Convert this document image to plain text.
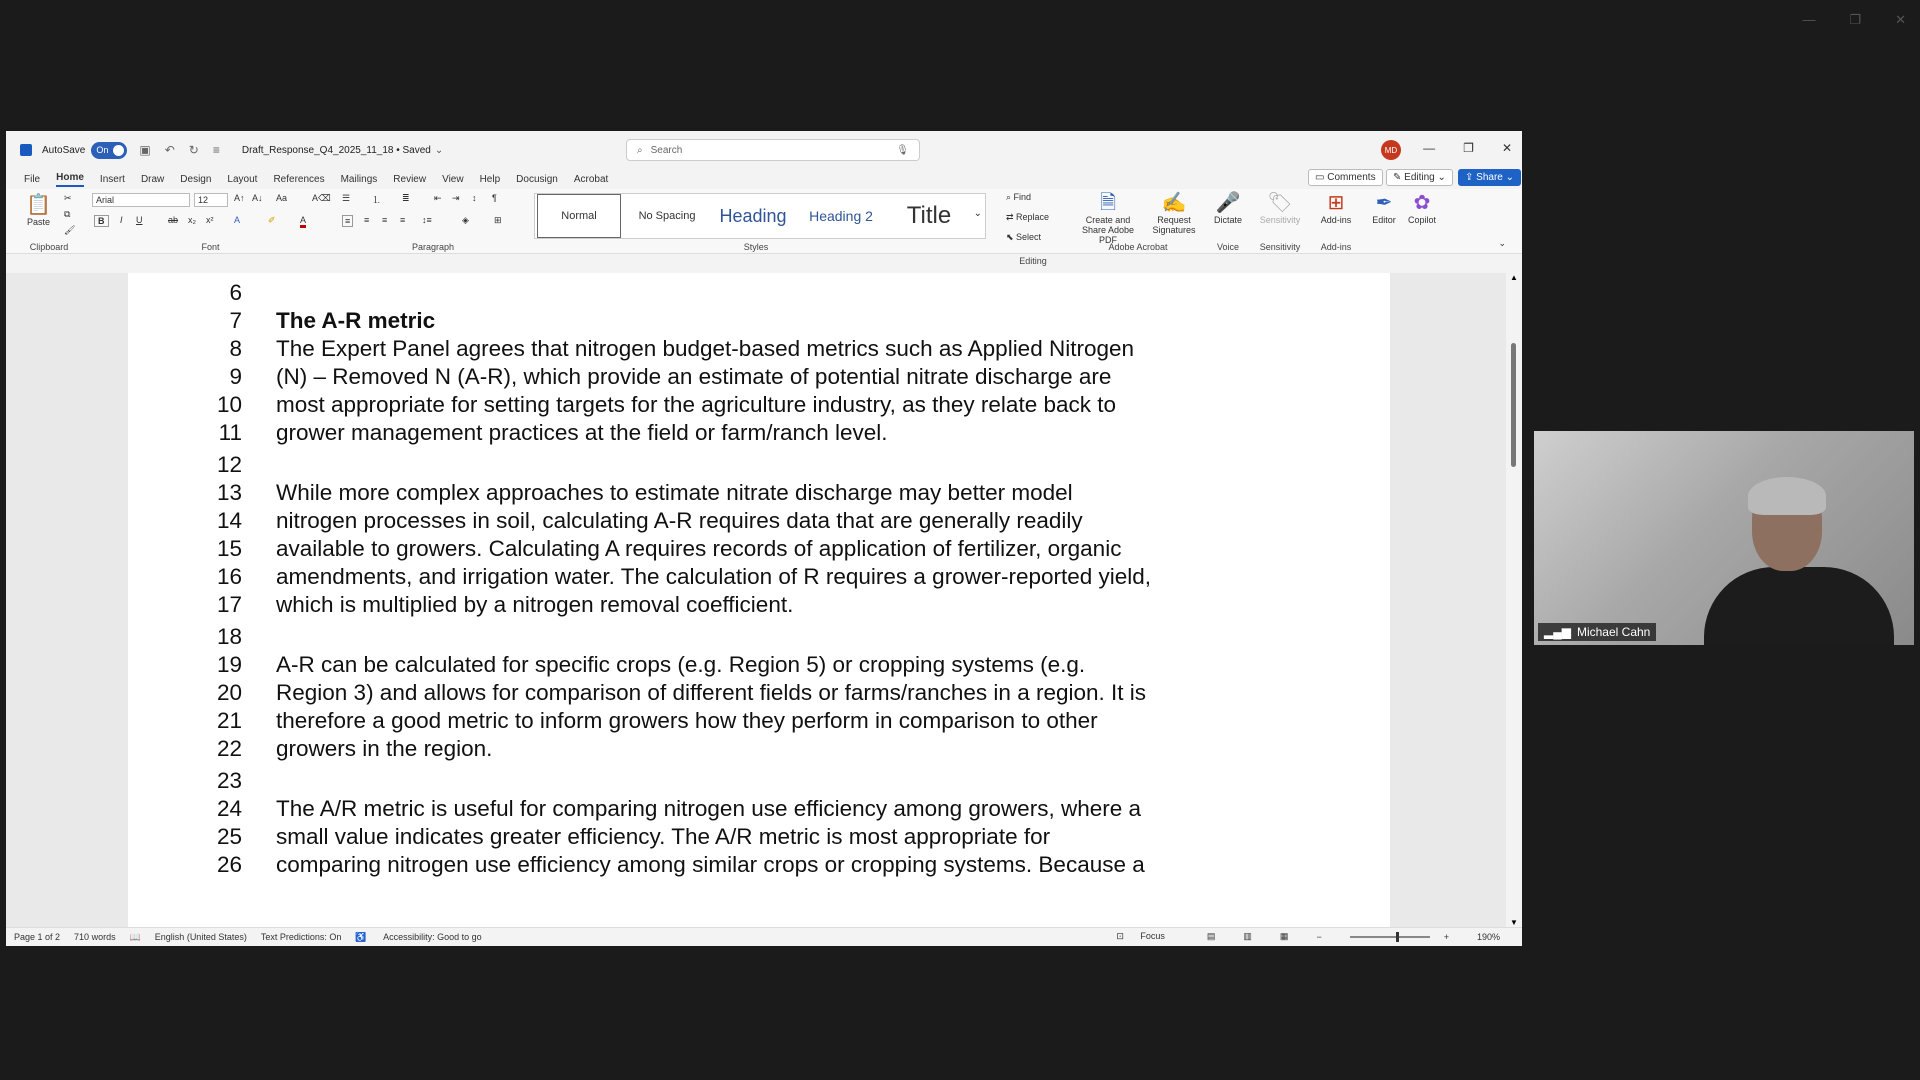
—	❐	✕
AutoSave On	▣ ↶ ↻ ≡ Draft_Response_Q4_2025_11_18 • Saved ⌄	⌕ Search	🎙	MD	— ❐ ✕
File Home Insert Draw Design Layout References Mailings Review View Help Docusign Acrobat	▭ Comments ✎ Editing ⌄ ⇪ Share ⌄
📋
Paste
✂
⧉
🖌
Clipboard
Arial	12	A↑ A↓ Aa	A⌫
B	I U	ab x₂ x² A	✐	A
Font
☰ ⒈ ≣	⇤ ⇥ ↕ ¶
≡	≡ ≡ ≡ ↕≡	◈	⊞
Paragraph
Normal	No Spacing	Heading	Heading 2	Title	⌄
Styles
⌕ Find
⇄ Replace
⬉ Select
Editing
🗎
Create and Share Adobe PDF
✍
Request Signatures
Adobe Acrobat
🎤
Dictate
Voice
🏷
Sensitivity
Sensitivity
⊞
Add-ins
Add-ins
✒
Editor
✿
Copilot
⌄
6
7 The A-R metric
8 The Expert Panel agrees that nitrogen budget-based metrics such as Applied Nitrogen
9 (N) – Removed N (A-R), which provide an estimate of potential nitrate discharge are
10 most appropriate for setting targets for the agriculture industry, as they relate back to
11 grower management practices at the field or farm/ranch level.
12
13 While more complex approaches to estimate nitrate discharge may better model
14 nitrogen processes in soil, calculating A-R requires data that are generally readily
15 available to growers. Calculating A requires records of application of fertilizer, organic
16 amendments, and irrigation water. The calculation of R requires a grower-reported yield,
17 which is multiplied by a nitrogen removal coefficient.
18
19 A-R can be calculated for specific crops (e.g. Region 5) or cropping systems (e.g.
20 Region 3) and allows for comparison of different fields or farms/ranches in a region. It is
21 therefore a good metric to inform growers how they perform in comparison to other
22 growers in the region.
23
24 The A/R metric is useful for comparing nitrogen use efficiency among growers, where a
25 small value indicates greater efficiency. The A/R metric is most appropriate for
26 comparing nitrogen use efficiency among similar crops or cropping systems. Because a
▲
▼
Page 1 of 2 710 words 📖 English (United States) Text Predictions: On ♿ Accessibility: Good to go	⊡ Focus	▤	▥	▦	−	+	190%
▂▄▆ Michael Cahn
